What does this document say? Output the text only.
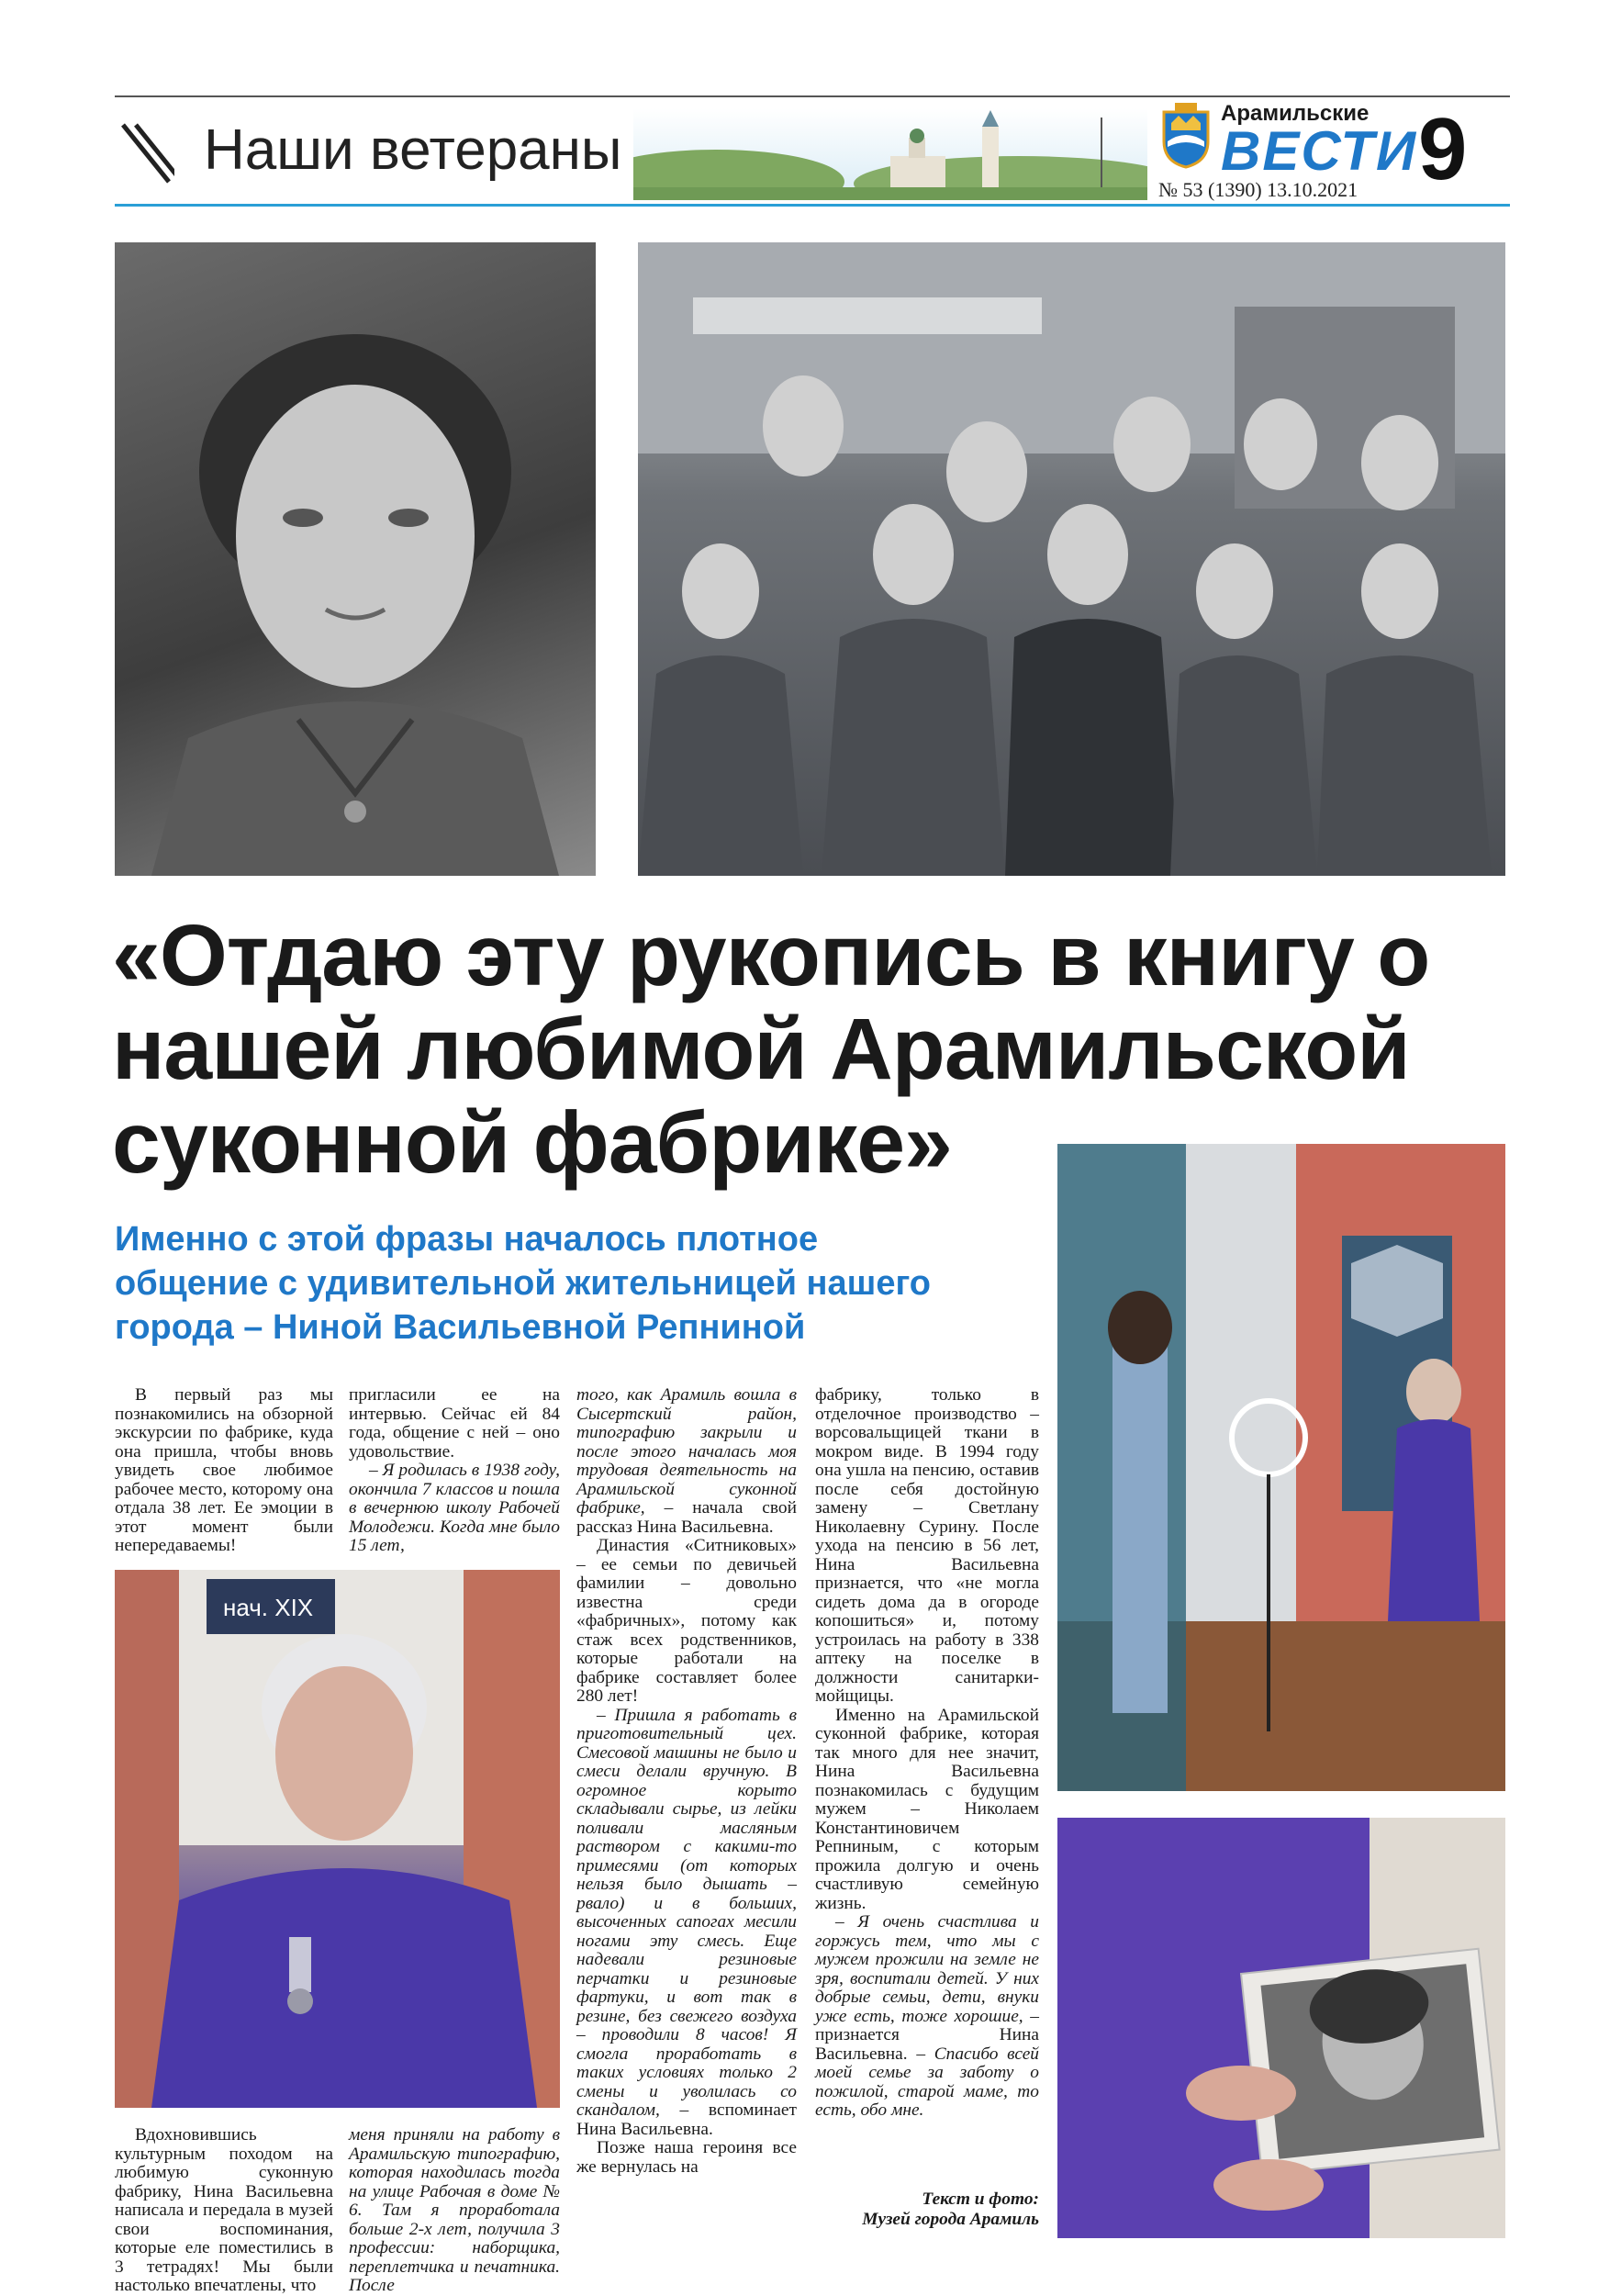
Наши ветераны
Арамильские
ВЕСТИ
№ 53 (1390) 13.10.2021 9
нач. XIX
«Отдаю эту рукопись в книгу о
нашей любимой Арамильской
суконной фабрике»
Именно с этой фразы началось плотное
общение с удивительной жительницей нашего
города – Ниной Васильевной Репниной

В первый раз мы познакомились на обзорной экскурсии по фабрике, куда она пришла, чтобы вновь увидеть свое любимое рабочее место, которому она отдала 38 лет. Ее эмоции в этот момент были непередаваемы!

Вдохновившись культурным походом на любимую суконную фабрику, Нина Васильевна написала и передала в музей свои воспоминания, которые еле поместились в 3 тетрадях! Мы были настолько впечатлены, что

пригласили ее на интервью. Сейчас ей 84 года, общение с ней – оно удовольствие.

– Я родилась в 1938 году, окончила 7 классов и пошла в вечернюю школу Рабочей Молодежи. Когда мне было 15 лет,

меня приняли на работу в Арамильскую типографию, которая находилась тогда на улице Рабочая в доме № 6. Там я проработала больше 2-х лет, получила 3 профессии: наборщика, переплетчика и печатника. После

того, как Арамиль вошла в Сысертский район, типографию закрыли и после этого началась моя трудовая деятельность на Арамильской суконной фабрике, – начала свой рассказ Нина Васильевна.

Династия «Ситниковых» – ее семьи по девичьей фамилии – довольно известна среди «фабричных», потому как стаж всех родственников, которые работали на фабрике составляет более 280 лет!

– Пришла я работать в приготовительный цех. Смесовой машины не было и смеси делали вручную. В огромное корыто складывали сырье, из лейки поливали масляным раствором с какими-то примесями (от которых нельзя было дышать – рвало) и в больших, высоченных сапогах месили ногами эту смесь. Еще надевали резиновые перчатки и резиновые фартуки, и вот так в резине, без свежего воздуха – проводили 8 часов! Я смогла проработать в таких условиях только 2 смены и уволилась со скандалом, – вспоминает Нина Васильевна.

Позже наша героиня все же вернулась на

фабрику, только в отделочное производство – ворсовальщицей ткани в мокром виде. В 1994 году она ушла на пенсию, оставив после себя достойную замену – Светлану Николаевну Сурину. После ухода на пенсию в 56 лет, Нина Васильевна признается, что «не могла сидеть дома да в огороде копошиться» и, потому устроилась на работу в 338 аптеку на поселке в должности санитарки-мойщицы.

Именно на Арамильской суконной фабрике, которая так много для нее значит, Нина Васильевна познакомилась с будущим мужем – Николаем Константиновичем Репниным, с которым прожила долгую и очень счастливую семейную жизнь.

– Я очень счастлива и горжусь тем, что мы с мужем прожили на земле не зря, воспитали детей. У них добрые семьи, дети, внуки уже есть, тоже хорошие, – признается Нина Васильевна. – Спасибо всей моей семье за заботу о пожилой, старой маме, то есть, обо мне.

Текст и фото:
Музей города Арамиль
